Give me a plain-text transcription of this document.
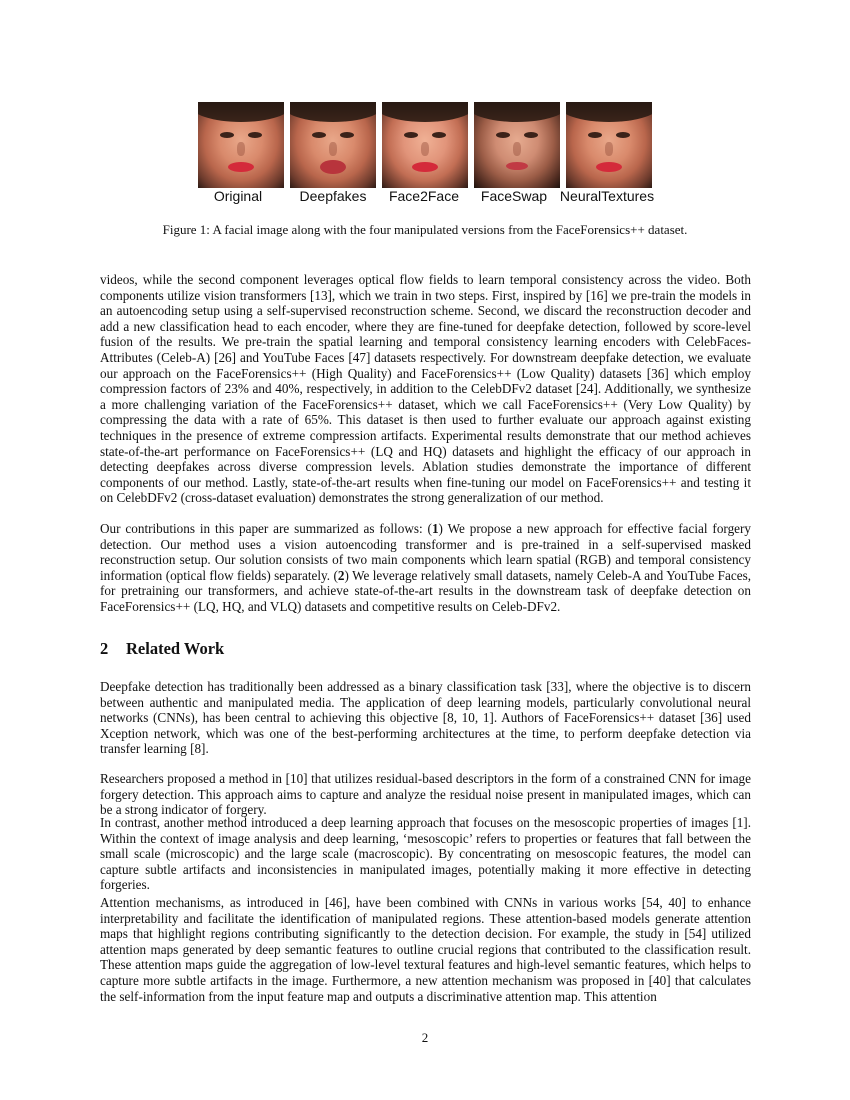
Original	Deepfakes	Face2Face	FaceSwap NeuralTextures
Figure 1: A facial image along with the four manipulated versions from the FaceForensics++ dataset.

videos, while the second component leverages optical flow fields to learn temporal consistency across the video. Both components utilize vision transformers [13], which we train in two steps. First, inspired by [16] we pre-train the models in an autoencoding setup using a self-supervised reconstruction scheme. Second, we discard the reconstruction decoder and add a new classification head to each encoder, where they are fine-tuned for deepfake detection, followed by score-level fusion of the results. We pre-train the spatial learning and temporal consistency learning encoders with CelebFaces-Attributes (Celeb-A) [26] and YouTube Faces [47] datasets respectively. For downstream deepfake detection, we evaluate our approach on the FaceForensics++ (High Quality) and FaceForensics++ (Low Quality) datasets [36] which employ compression factors of 23% and 40%, respectively, in addition to the CelebDFv2 dataset [24]. Additionally, we synthesize a more challenging variation of the FaceForensics++ dataset, which we call FaceForensics++ (Very Low Quality) by compressing the data with a rate of 65%. This dataset is then used to further evaluate our approach against existing techniques in the presence of extreme compression artifacts. Experimental results demonstrate that our method achieves state-of-the-art performance on FaceForensics++ (LQ and HQ) datasets and highlight the efficacy of our approach in detecting deepfakes across diverse compression levels. Ablation studies demonstrate the importance of different components of our method. Lastly, state-of-the-art results when fine-tuning our model on FaceForensics++ and testing it on CelebDFv2 (cross-dataset evaluation) demonstrates the strong generalization of our method.

Our contributions in this paper are summarized as follows: (1) We propose a new approach for effective facial forgery detection. Our method uses a vision autoencoding transformer and is pre-trained in a self-supervised masked reconstruction setup. Our solution consists of two main components which learn spatial (RGB) and temporal consistency information (optical flow fields) separately. (2) We leverage relatively small datasets, namely Celeb-A and YouTube Faces, for pretraining our transformers, and achieve state-of-the-art results in the downstream task of deepfake detection on FaceForensics++ (LQ, HQ, and VLQ) datasets and competitive results on Celeb-DFv2.

2 Related Work

Deepfake detection has traditionally been addressed as a binary classification task [33], where the objective is to discern between authentic and manipulated media. The application of deep learning models, particularly convolutional neural networks (CNNs), has been central to achieving this objective [8, 10, 1]. Authors of FaceForensics++ dataset [36] used Xception network, which was one of the best-performing architectures at the time, to perform deepfake detection via transfer learning [8].

Researchers proposed a method in [10] that utilizes residual-based descriptors in the form of a constrained CNN for image forgery detection. This approach aims to capture and analyze the residual noise present in manipulated images, which can be a strong indicator of forgery.

In contrast, another method introduced a deep learning approach that focuses on the mesoscopic properties of images [1]. Within the context of image analysis and deep learning, ‘mesoscopic’ refers to properties or features that fall between the small scale (microscopic) and the large scale (macroscopic). By concentrating on mesoscopic features, the model can capture subtle artifacts and inconsistencies in manipulated images, potentially making it more effective in detecting forgeries.

Attention mechanisms, as introduced in [46], have been combined with CNNs in various works [54, 40] to enhance interpretability and facilitate the identification of manipulated regions. These attention-based models generate attention maps that highlight regions contributing significantly to the detection decision. For example, the study in [54] utilized attention maps generated by deep semantic features to outline crucial regions that contributed to the classification result. These attention maps guide the aggregation of low-level textural features and high-level semantic features, which helps to capture more subtle artifacts in the image. Furthermore, a new attention mechanism was proposed in [40] that calculates the self-information from the input feature map and outputs a discriminative attention map. This attention

2
